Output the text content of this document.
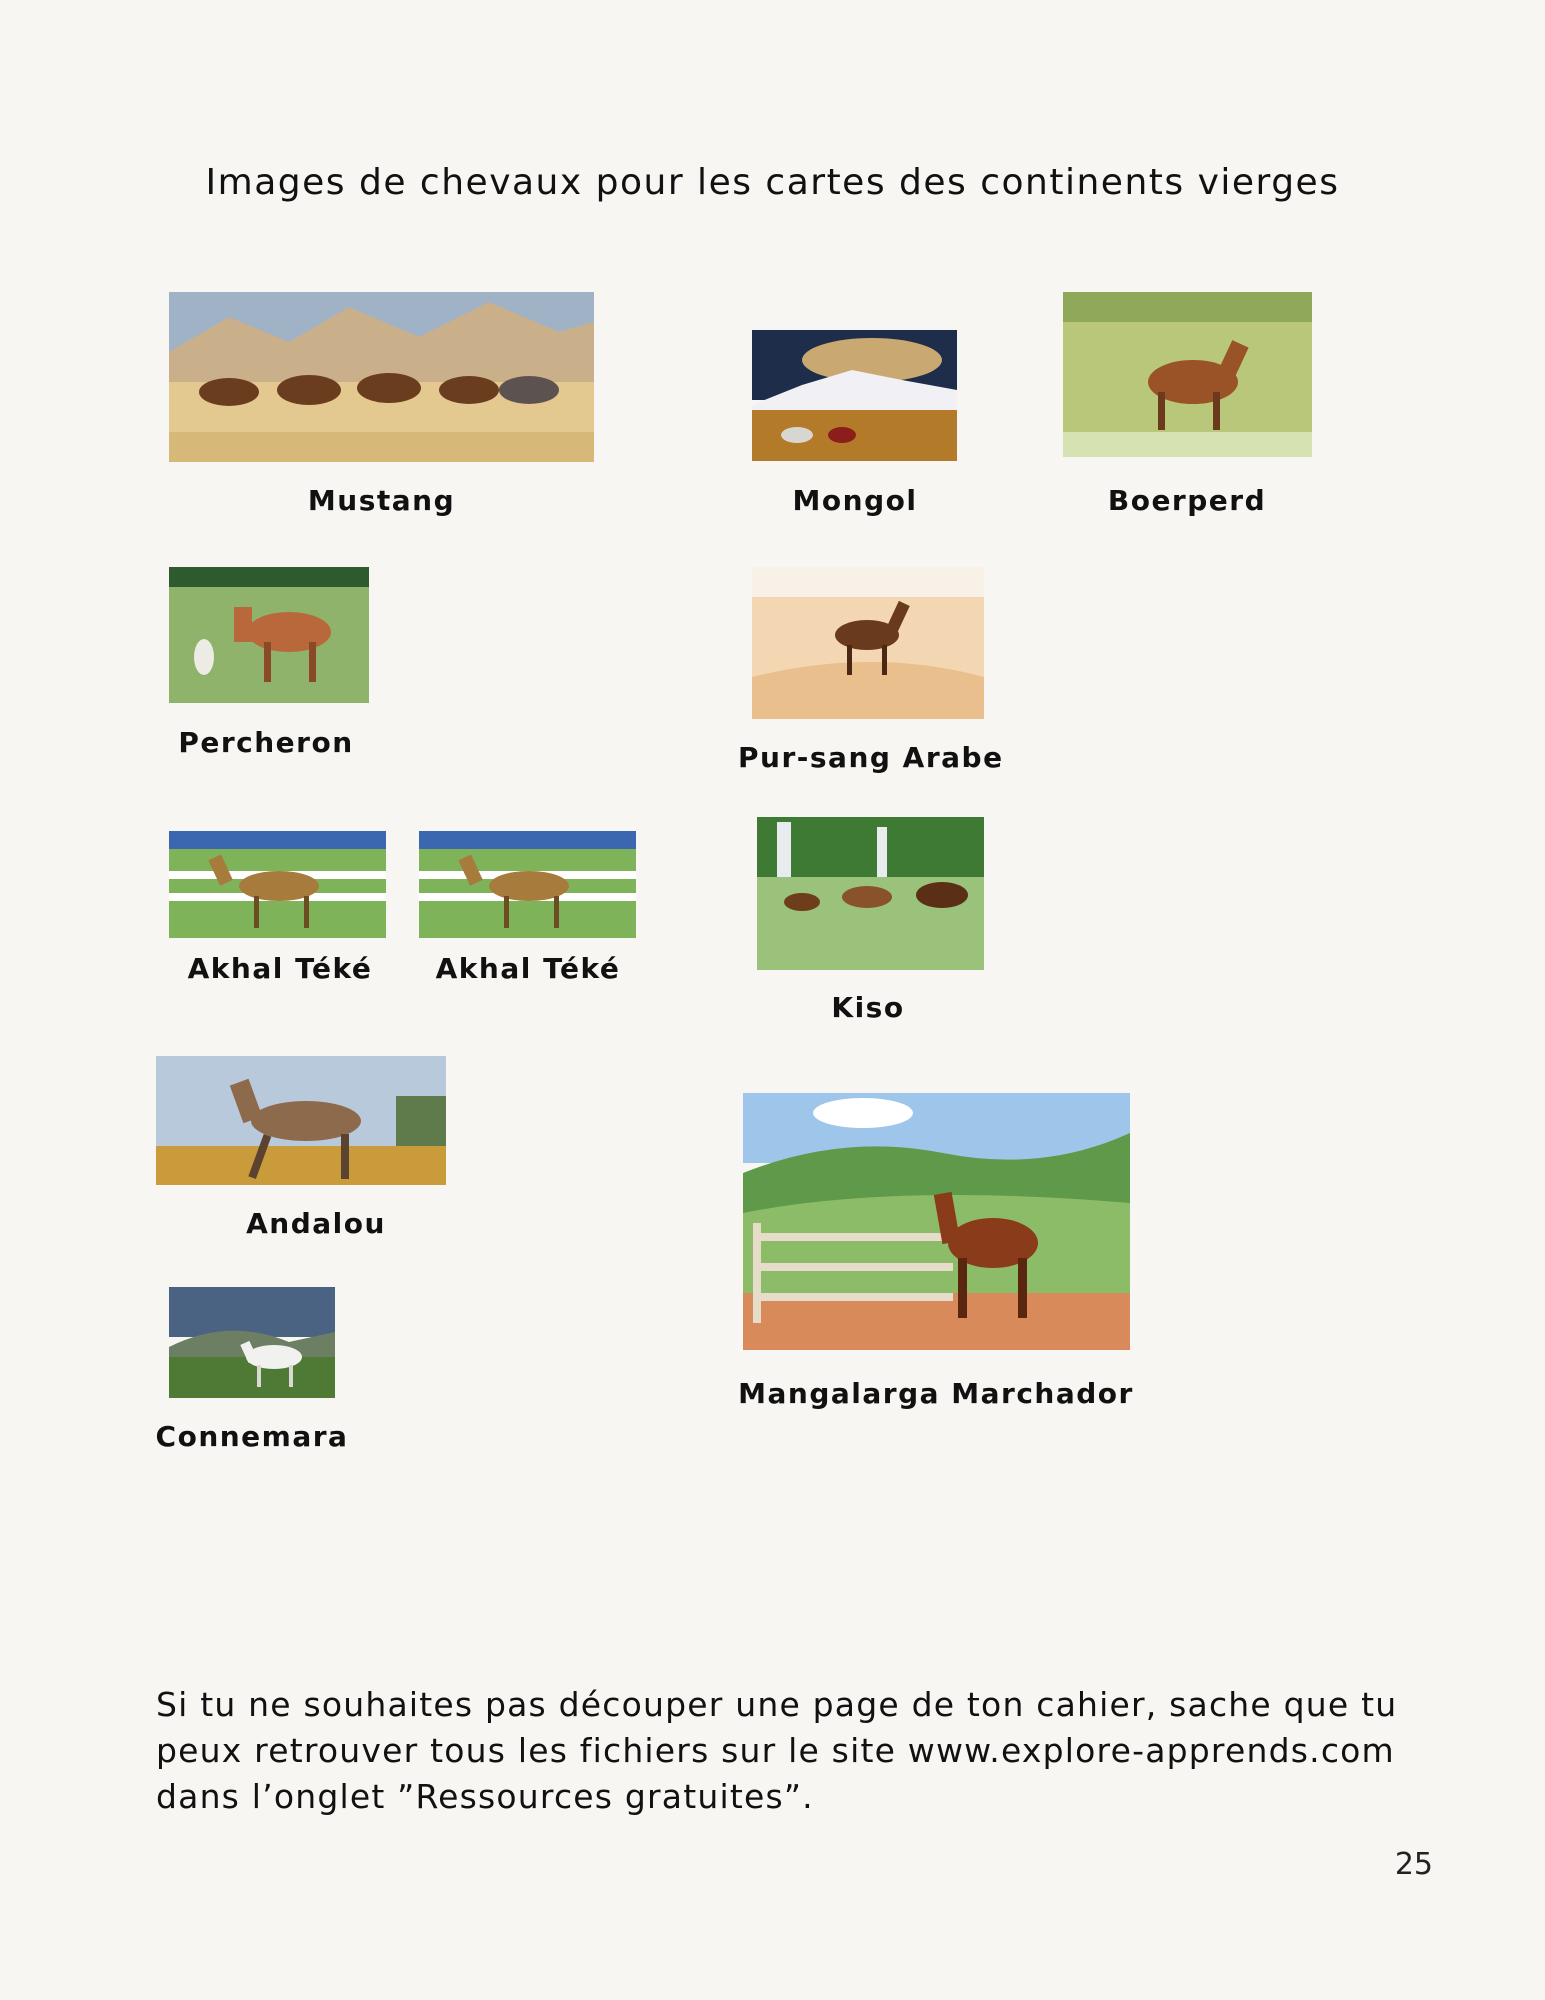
Images de chevaux pour les cartes des continents vierges
Mustang	Mongol	Boerperd
Percheron	Pur-sang Arabe
Akhal Téké	Akhal Téké
Kiso
Andalou
Mangalarga Marchador
Connemara
Si tu ne souhaites pas découper une page de ton cahier, sache que tu peux retrouver tous les fichiers sur le site www.explore-apprends.com dans l’onglet ”Ressources gratuites”.
25
